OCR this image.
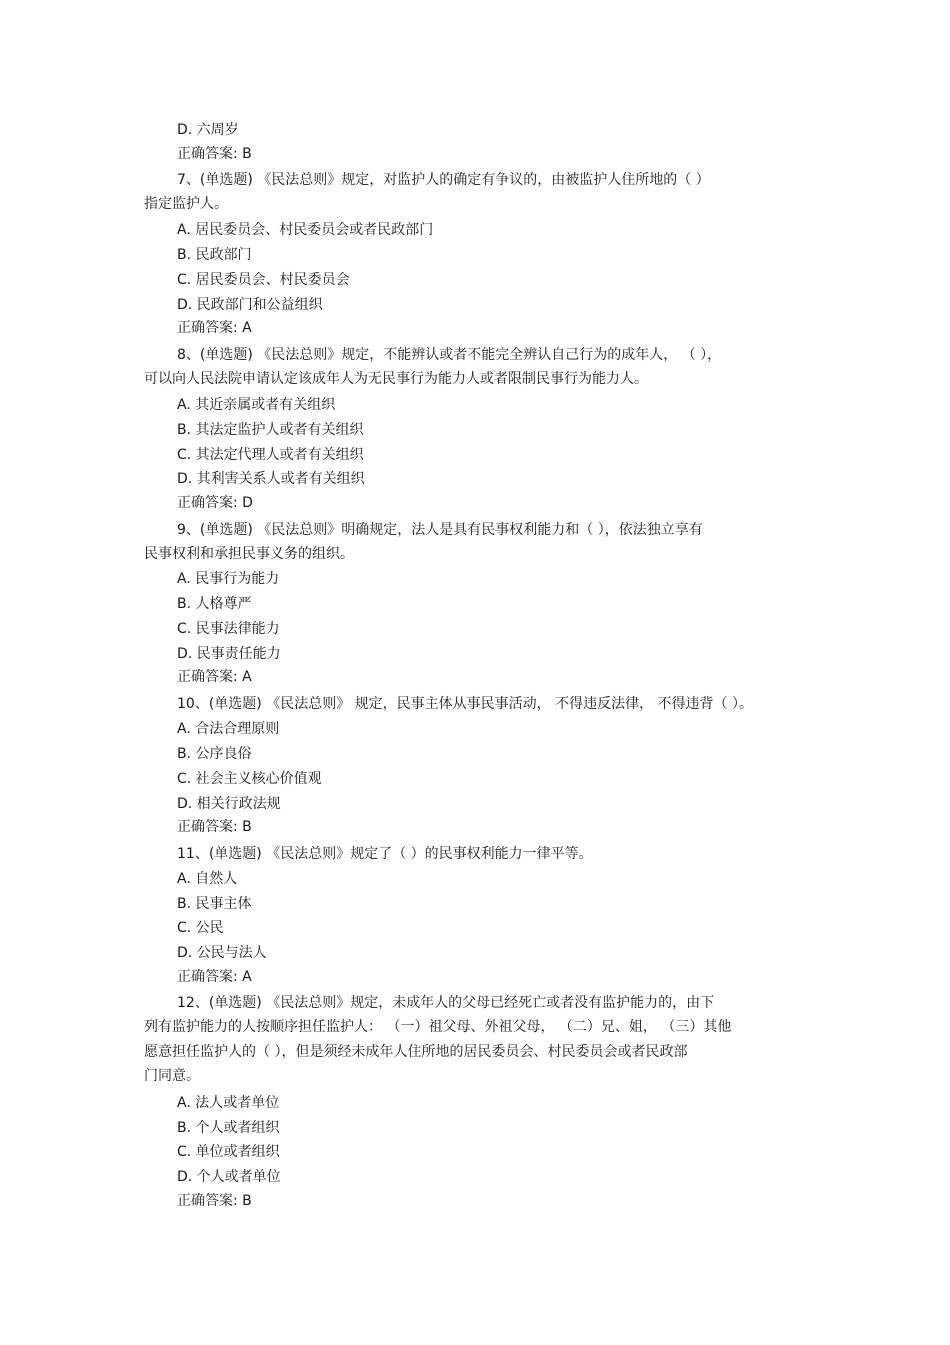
D. 六周岁
正确答案: B
7、(单选题) 《民法总则》规定，对监护人的确定有争议的，由被监护人住所地的（ ）
指定监护人。
A. 居民委员会、村民委员会或者民政部门
B. 民政部门
C. 居民委员会、村民委员会
D. 民政部门和公益组织
正确答案: A
8、(单选题) 《民法总则》规定，不能辨认或者不能完全辨认自己行为的成年人， （ ），
可以向人民法院申请认定该成年人为无民事行为能力人或者限制民事行为能力人。
A. 其近亲属或者有关组织
B. 其法定监护人或者有关组织
C. 其法定代理人或者有关组织
D. 其利害关系人或者有关组织
正确答案: D
9、(单选题) 《民法总则》明确规定，法人是具有民事权利能力和（ ），依法独立享有
民事权利和承担民事义务的组织。
A. 民事行为能力
B. 人格尊严
C. 民事法律能力
D. 民事责任能力
正确答案: A
10、(单选题) 《民法总则》 规定，民事主体从事民事活动， 不得违反法律， 不得违背（ ）。
A. 合法合理原则
B. 公序良俗
C. 社会主义核心价值观
D. 相关行政法规
正确答案: B
11、(单选题) 《民法总则》规定了（ ）的民事权利能力一律平等。
A. 自然人
B. 民事主体
C. 公民
D. 公民与法人
正确答案: A
12、(单选题) 《民法总则》规定，未成年人的父母已经死亡或者没有监护能力的，由下
列有监护能力的人按顺序担任监护人： （一）祖父母、外祖父母， （二）兄、姐， （三）其他
愿意担任监护人的（ ），但是须经未成年人住所地的居民委员会、村民委员会或者民政部
门同意。
A. 法人或者单位
B. 个人或者组织
C. 单位或者组织
D. 个人或者单位
正确答案: B
